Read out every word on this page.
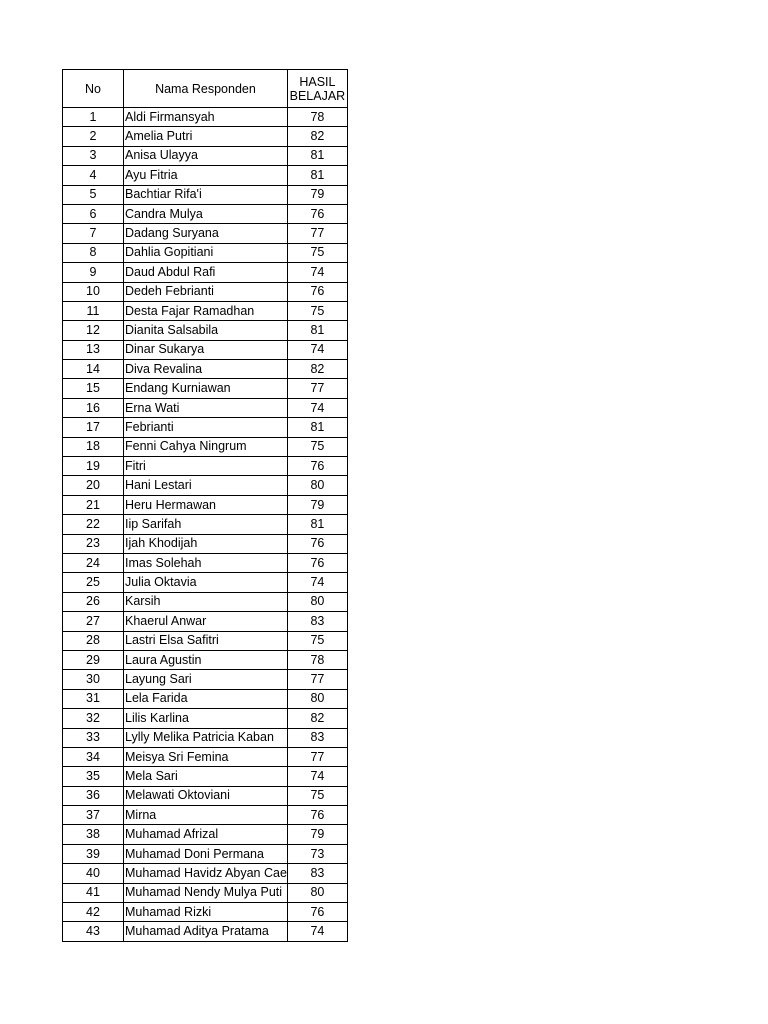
No	Nama Responden	HASIL
BELAJAR

1	Aldi Firmansyah	78
2	Amelia Putri	82
3	Anisa Ulayya	81
4	Ayu Fitria	81
5	Bachtiar Rifa'i	79
6	Candra Mulya	76
7	Dadang Suryana	77
8	Dahlia Gopitiani	75
9	Daud Abdul Rafi	74
10	Dedeh Febrianti	76
11	Desta Fajar Ramadhan	75
12	Dianita Salsabila	81
13	Dinar Sukarya	74
14	Diva Revalina	82
15	Endang Kurniawan	77
16	Erna Wati	74
17	Febrianti	81
18	Fenni Cahya Ningrum	75
19	Fitri	76
20	Hani Lestari	80
21	Heru Hermawan	79
22	Iip Sarifah	81
23	Ijah Khodijah	76
24	Imas Solehah	76
25	Julia Oktavia	74
26	Karsih	80
27	Khaerul Anwar	83
28	Lastri Elsa Safitri	75
29	Laura Agustin	78
30	Layung Sari	77
31	Lela Farida	80
32	Lilis Karlina	82
33	Lylly Melika Patricia Kaban	83
34	Meisya Sri Femina	77
35	Mela Sari	74
36	Melawati Oktoviani	75
37	Mirna	76
38	Muhamad Afrizal	79
39	Muhamad Doni Permana	73
40	Muhamad Havidz Abyan Cae	83
41	Muhamad Nendy Mulya Puti	80
42	Muhamad Rizki	76
43	Muhamad Aditya Pratama	74
